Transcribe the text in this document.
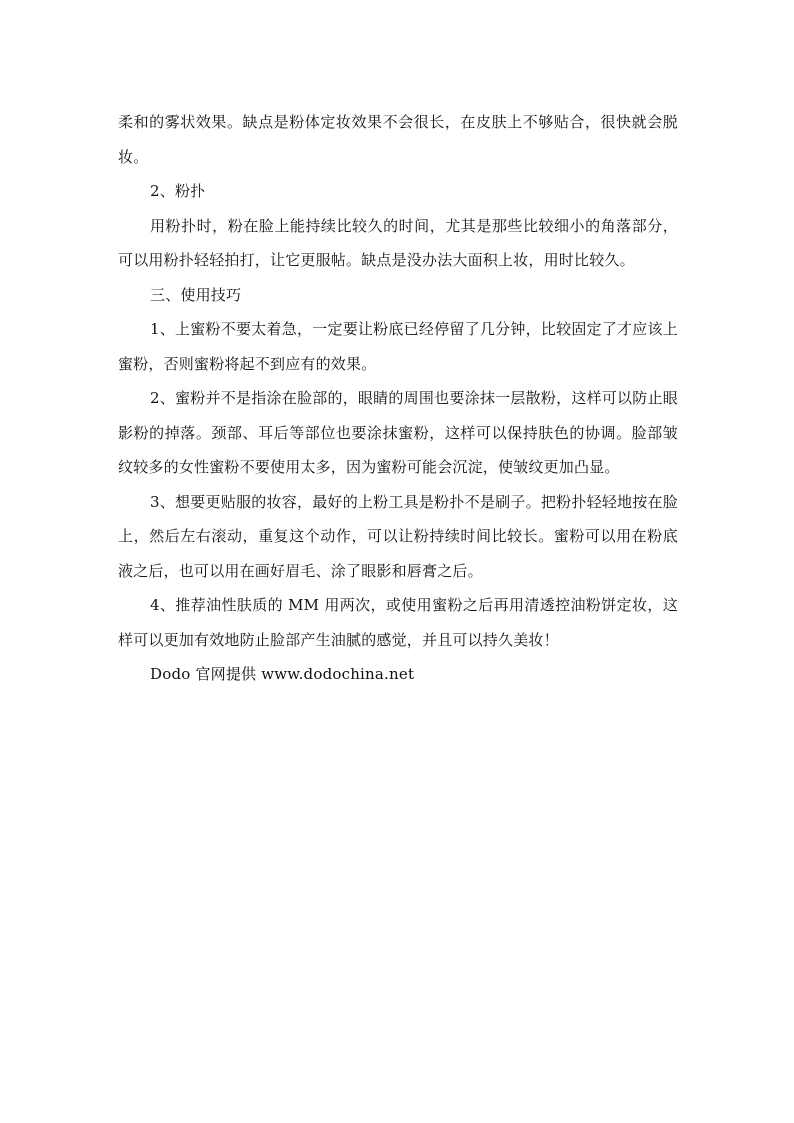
柔和的雾状效果。缺点是粉体定妆效果不会很长，在皮肤上不够贴合，很快就会脱妆。

2、粉扑

用粉扑时，粉在脸上能持续比较久的时间，尤其是那些比较细小的角落部分，可以用粉扑轻轻拍打，让它更服帖。缺点是没办法大面积上妆，用时比较久。

三、使用技巧

1、上蜜粉不要太着急，一定要让粉底已经停留了几分钟，比较固定了才应该上蜜粉，否则蜜粉将起不到应有的效果。

2、蜜粉并不是指涂在脸部的，眼睛的周围也要涂抹一层散粉，这样可以防止眼影粉的掉落。颈部、耳后等部位也要涂抹蜜粉，这样可以保持肤色的协调。脸部皱纹较多的女性蜜粉不要使用太多，因为蜜粉可能会沉淀，使皱纹更加凸显。

3、想要更贴服的妆容，最好的上粉工具是粉扑不是刷子。把粉扑轻轻地按在脸上，然后左右滚动，重复这个动作，可以让粉持续时间比较长。蜜粉可以用在粉底液之后，也可以用在画好眉毛、涂了眼影和唇膏之后。

4、推荐油性肤质的 MM 用两次，或使用蜜粉之后再用清透控油粉饼定妆，这样可以更加有效地防止脸部产生油腻的感觉，并且可以持久美妆！

Dodo 官网提供 www.dodochina.net
